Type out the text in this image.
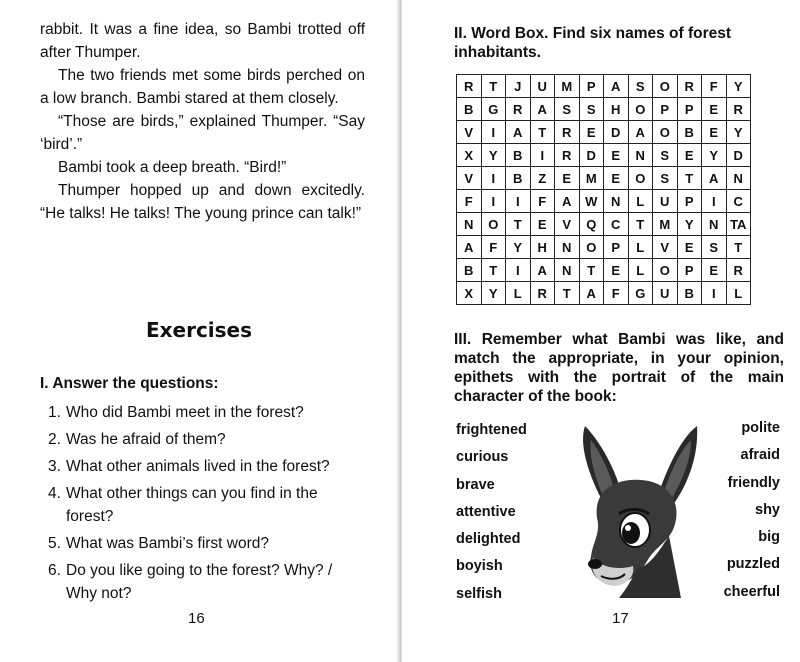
rabbit. It was a fine idea, so Bambi trotted off after Thumper.

The two friends met some birds perched on a low branch. Bambi stared at them closely.

“Those are birds,” explained Thumper. “Say ‘bird’.”

Bambi took a deep breath. “Bird!”

Thumper hopped up and down excitedly. “He talks! He talks! The young prince can talk!”

Exercises
I. Answer the questions:
1. Who did Bambi meet in the forest?
2. Was he afraid of them?
3. What other animals lived in the forest?
4. What other things can you find in the forest?
5. What was Bambi’s first word?
6. Do you like going to the forest? Why? / Why not?
16
II. Word Box. Find six names of forest inhabitants.
R	T	J	U	M	P	A	S	O	R	F	Y
B	G	R	A	S	S	H	O	P	P	E	R
V	I	A	T	R	E	D	A	O	B	E	Y
X	Y	B	I	R	D	E	N	S	E	Y	D
V	I	B	Z	E	M	E	O	S	T	A	N
F	I	I	F	A	W	N	L	U	P	I	C
N	O	T	E	V	Q	C	T	M	Y	N	TA
A	F	Y	H	N	O	P	L	V	E	S	T
B	T	I	A	N	T	E	L	O	P	E	R
X	Y	L	R	T	A	F	G	U	B	I	L
III. Remember what Bambi was like, and match the appropriate, in your opinion, epithets with the portrait of the main character of the book:
frightened
curious
brave
attentive
delighted
boyish
selfish
polite
afraid
friendly
shy
big
puzzled
cheerful
17
